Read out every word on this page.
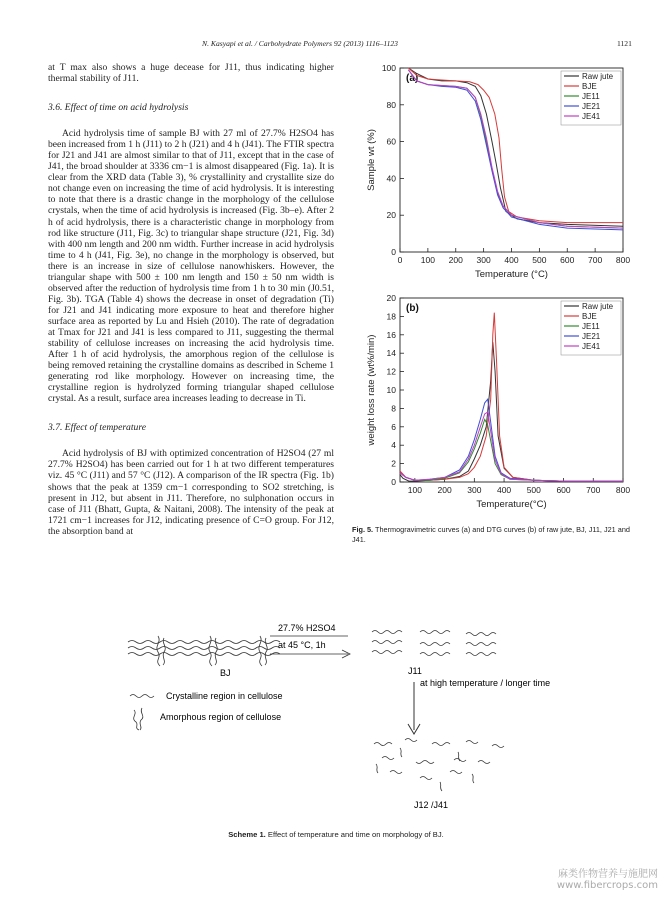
N. Kasyapi et al. / Carbohydrate Polymers 92 (2013) 1116–1123	1121

at T max also shows a huge decease for J11, thus indicating higher thermal stability of J11.

3.6. Effect of time on acid hydrolysis

Acid hydrolysis time of sample BJ with 27 ml of 27.7% H2SO4 has been increased from 1 h (J11) to 2 h (J21) and 4 h (J41). The FTIR spectra for J21 and J41 are almost similar to that of J11, except that in the case of J41, the broad shoulder at 3336 cm−1 is almost disappeared (Fig. 1a). It is clear from the XRD data (Table 3), % crystallinity and crystallite size do not change even on increasing the time of acid hydrolysis. It is interesting to note that there is a drastic change in the morphology of the cellulose crystals, when the time of acid hydrolysis is increased (Fig. 3b–e). After 2 h of acid hydrolysis, there is a characteristic change in morphology from rod like structure (J11, Fig. 3c) to triangular shape structure (J21, Fig. 3d) with 400 nm length and 200 nm width. Further increase in acid hydrolysis time to 4 h (J41, Fig. 3e), no change in the morphology is observed, but there is an increase in size of cellulose nanowhiskers. However, the triangular shape with 500 ± 100 nm length and 150 ± 50 nm width is observed after the reduction of hydrolysis time from 1 h to 30 min (J0.51, Fig. 3b). TGA (Table 4) shows the decrease in onset of degradation (Ti) for J21 and J41 indicating more exposure to heat and therefore higher surface area as reported by Lu and Hsieh (2010). The rate of degradation at Tmax for J21 and J41 is less compared to J11, suggesting the thermal stability of cellulose increases on increasing the acid hydrolysis time. After 1 h of acid hydrolysis, the amorphous region of the cellulose is being removed retaining the crystalline domains as described in Scheme 1 generating rod like morphology. However on increasing time, the crystalline region is hydrolyzed forming triangular shaped cellulose crystal. As a result, surface area increases leading to decrease in Ti.

3.7. Effect of temperature

Acid hydrolysis of BJ with optimized concentration of H2SO4 (27 ml 27.7% H2SO4) has been carried out for 1 h at two different temperatures viz. 45 °C (J11) and 57 °C (J12). A comparison of the IR spectra (Fig. 1b) shows that the peak at 1359 cm−1 corresponding to SO2 stretching, is present in J12, but absent in J11. Therefore, no sulphonation occurs in case of J11 (Bhatt, Gupta, & Naitani, 2008). The intensity of the peak at 1721 cm−1 increases for J12, indicating presence of C=O group. For J12, the absorption band at

0 100 200 300 400 500 600 700 800
0
20
40
60
80
100
Temperature (°C)
Sample wt (%)
(a)	Raw jute
BJE
JE11
JE21
JE41
100 200 300 400 500 600 700 800
0
2
4
6
8
10
12
14
16
18
20
Temperature(°C)
weight loss rate (wt%/min)
(b)	Raw jute
BJE
JE11
JE21
JE41
Fig. 5. Thermogravimetric curves (a) and DTG curves (b) of raw jute, BJ, J11, J21 and J41.
BJ
27.7% H2SO4
at 45 °C, 1h
J11
at high temperature / longer time
Crystalline region in cellulose
Amorphous region of cellulose
J12 /J41
Scheme 1. Effect of temperature and time on morphology of BJ.
麻类作物营养与施肥网
www.fibercrops.com
